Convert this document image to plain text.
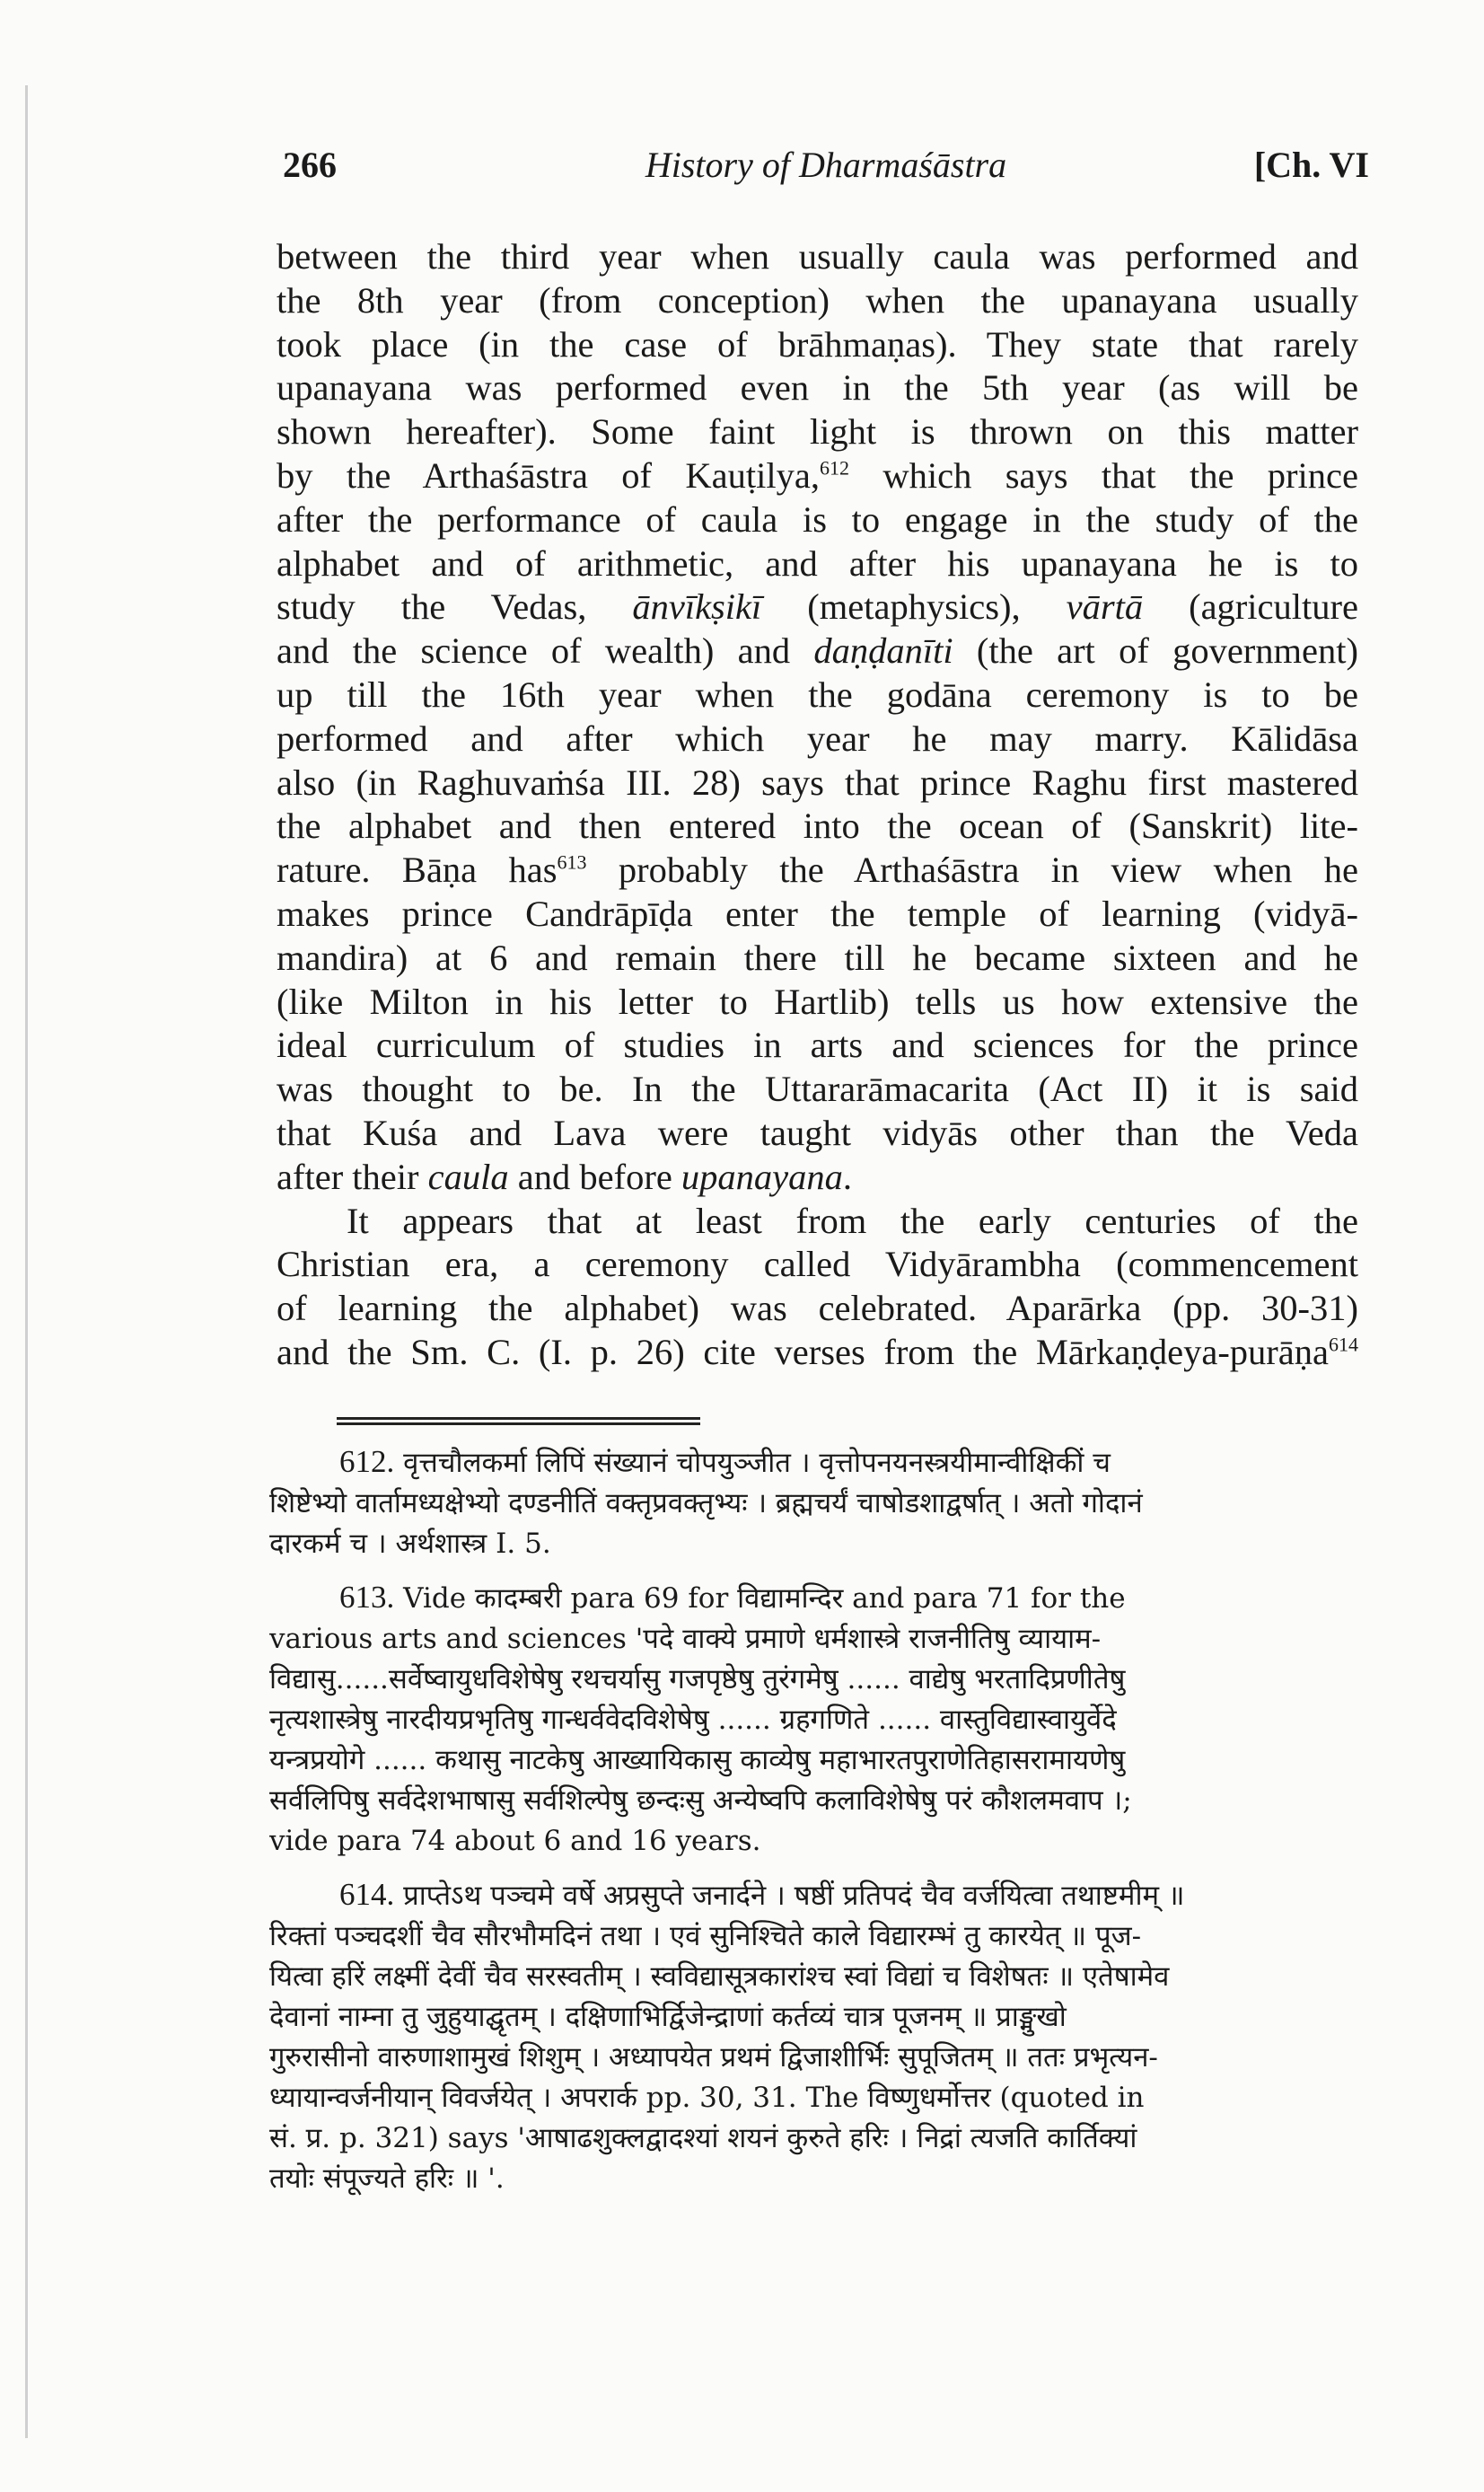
266	History of Dharmaśāstra	[Ch. VI

between the third year when usually caula was performed and
the 8th year (from conception) when the upanayana usually
took place (in the case of brāhmaṇas). They state that rarely
upanayana was performed even in the 5th year (as will be
shown hereafter). Some faint light is thrown on this matter
by the Arthaśāstra of Kauṭilya,$^{612}$ which says that the prince
after the performance of caula is to engage in the study of the
alphabet and of arithmetic, and after his upanayana he is to
study the Vedas, ānvīkṣikī (metaphysics), vārtā (agriculture
and the science of wealth) and daṇḍanīti (the art of government)
up till the 16th year when the godāna ceremony is to be
performed and after which year he may marry. Kālidāsa
also (in Raghuvaṁśa III. 28) says that prince Raghu first mastered
the alphabet and then entered into the ocean of (Sanskrit) lite-
rature. Bāṇa has$^{613}$ probably the Arthaśāstra in view when he
makes prince Candrāpīḍa enter the temple of learning (vidyā-
mandira) at 6 and remain there till he became sixteen and he
(like Milton in his letter to Hartlib) tells us how extensive the
ideal curriculum of studies in arts and sciences for the prince
was thought to be. In the Uttararāmacarita (Act II) it is said
that Kuśa and Lava were taught vidyās other than the Veda
after their caula and before upanayana.

It appears that at least from the early centuries of the
Christian era, a ceremony called Vidyārambha (commencement
of learning the alphabet) was celebrated. Aparārka (pp. 30-31)
and the Sm. C. (I. p. 26) cite verses from the Mārkaṇḍeya-purāṇa$^{614}$

612. वृत्तचौलकर्मा लिपिं संख्यानं चोपयुञ्जीत । वृत्तोपनयनस्त्रयीमान्वीक्षिकीं च
शिष्टेभ्यो वार्तामध्यक्षेभ्यो दण्डनीतिं वक्तृप्रवक्तृभ्यः । ब्रह्मचर्यं चाषोडशाद्वर्षात् । अतो गोदानं
दारकर्म च । अर्थशास्त्र I. 5.
613. Vide कादम्बरी para 69 for विद्यामन्दिर and para 71 for the
various arts and sciences 'पदे वाक्ये प्रमाणे धर्मशास्त्रे राजनीतिषु व्यायाम-
विद्यासु......सर्वेष्वायुधविशेषेषु रथचर्यासु गजपृष्ठेषु तुरंगमेषु ...... वाद्येषु भरतादिप्रणीतेषु
नृत्यशास्त्रेषु नारदीयप्रभृतिषु गान्धर्ववेदविशेषेषु ...... ग्रहगणिते ...... वास्तुविद्यास्वायुर्वेदे
यन्त्रप्रयोगे ...... कथासु नाटकेषु आख्यायिकासु काव्येषु महाभारतपुराणेतिहासरामायणेषु
सर्वलिपिषु सर्वदेशभाषासु सर्वशिल्पेषु छन्दःसु अन्येष्वपि कलाविशेषेषु परं कौशलमवाप ।;
vide para 74 about 6 and 16 years.
614. प्राप्तेऽथ पञ्चमे वर्षे अप्रसुप्ते जनार्दने । षष्ठीं प्रतिपदं चैव वर्जयित्वा तथाष्टमीम् ॥
रिक्तां पञ्चदशीं चैव सौरभौमदिनं तथा । एवं सुनिश्चिते काले विद्यारम्भं तु कारयेत् ॥ पूज-
यित्वा हरिं लक्ष्मीं देवीं चैव सरस्वतीम् । स्वविद्यासूत्रकारांश्च स्वां विद्यां च विशेषतः ॥ एतेषामेव
देवानां नाम्ना तु जुहुयाद्घृतम् । दक्षिणाभिर्द्विजेन्द्राणां कर्तव्यं चात्र पूजनम् ॥ प्राङ्मुखो
गुरुरासीनो वारुणाशामुखं शिशुम् । अध्यापयेत प्रथमं द्विजाशीर्भिः सुपूजितम् ॥ ततः प्रभृत्यन-
ध्यायान्वर्जनीयान् विवर्जयेत् । अपरार्क pp. 30, 31. The विष्णुधर्मोत्तर (quoted in
सं. प्र. p. 321) says 'आषाढशुक्लद्वादश्यां शयनं कुरुते हरिः । निद्रां त्यजति कार्तिक्यां
तयोः संपूज्यते हरिः ॥ '.
